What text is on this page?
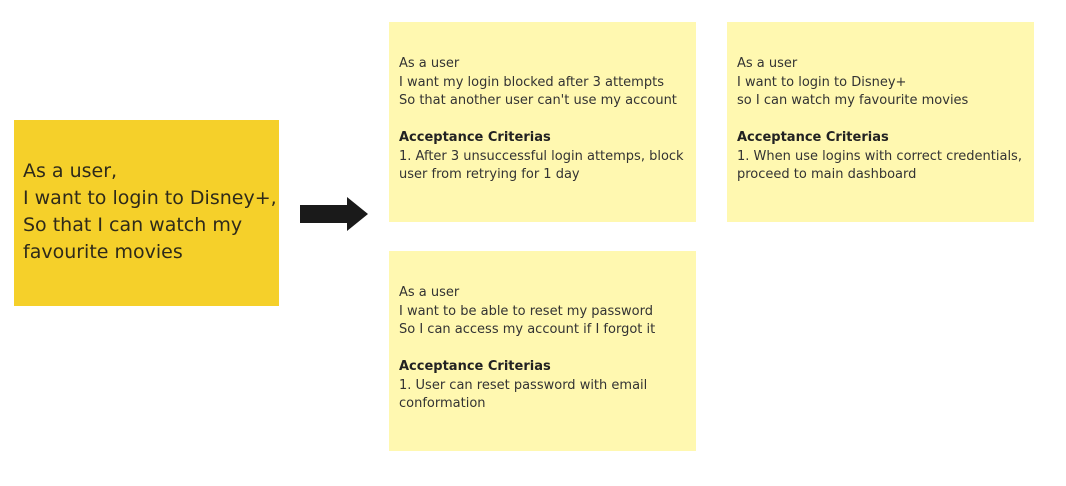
As a user,
I want to login to Disney+,
So that I can watch my
favourite movies
As a user
I want my login blocked after 3 attempts
So that another user can't use my account
Acceptance Criterias
1. After 3 unsuccessful login attemps, block user from retrying for 1 day
As a user
I want to login to Disney+
so I can watch my favourite movies
Acceptance Criterias
1. When use logins with correct credentials, proceed to main dashboard
As a user
I want to be able to reset my password
So I can access my account if I forgot it
Acceptance Criterias
1. User can reset password with email conformation
